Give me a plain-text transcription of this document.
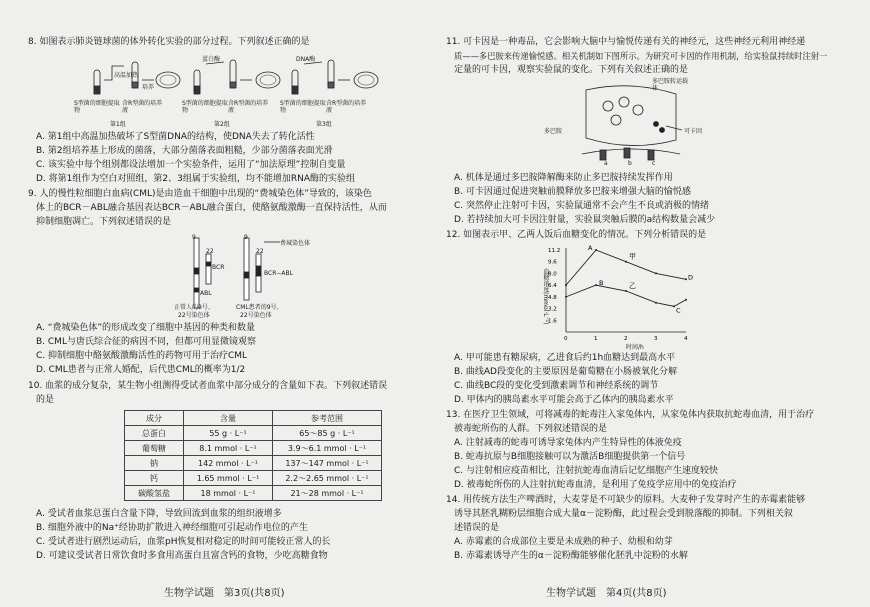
8. 如图表示肺炎链球菌的体外转化实验的部分过程。下列叙述正确的是
高温加热
蛋白酶	DNA酶
培养
S型菌的细胞提取物
含R型菌的培养液
S型菌的细胞提取物
含R型菌的培养液
S型菌的细胞提取物
含R型菌的培养液
第1组	第2组	第3组
A. 第1组中高温加热破坏了S型菌DNA的结构，使DNA失去了转化活性
B. 第2组培养基上形成的菌落，大部分菌落表面粗糙，少部分菌落表面光滑
C. 该实验中每个组别都设法增加一个实验条件，运用了“加法原理”控制自变量
D. 将第1组作为空白对照组，第2、3组属于实验组，均不能增加RNA酶的实验组
9. 人的慢性粒细胞白血病(CML)是由造血干细胞中出现的“费城染色体”导致的，该染色
体上的BCR－ABL融合基因表达BCR－ABL融合蛋白，使酪氨酸激酶一直保持活性，从而
抑制细胞凋亡。下列叙述错误的是
9
22
BCR
ABL
9
22
费城染色体
BCR−ABL
正常人的9号、
22号染色体
CML患者的9号、
22号染色体
A. “费城染色体”的形成改变了细胞中基因的种类和数量
B. CML与唐氏综合征的病因不同，但都可用显微镜观察
C. 抑制细胞中酪氨酸激酶活性的药物可用于治疗CML
D. CML患者与正常人婚配，后代患CML的概率为1/2
10. 血浆的成分复杂，某生物小组测得受试者血浆中部分成分的含量如下表。下列叙述错误
的是
成分	含量	参考范围
总蛋白	55 g · L⁻¹	65～85 g · L⁻¹
葡萄糖	8.1 mmol · L⁻¹	3.9～6.1 mmol · L⁻¹
钠	142 mmol · L⁻¹	137～147 mmol · L⁻¹
钙	1.65 mmol · L⁻¹	2.2～2.65 mmol · L⁻¹
碳酸氢盐	18 mmol · L⁻¹	21～28 mmol · L⁻¹
A. 受试者血浆总蛋白含量下降，导致回流到血浆的组织液增多
B. 细胞外液中的Na⁺经协助扩散进入神经细胞可引起动作电位的产生
C. 受试者进行剧烈运动后，血浆pH恢复相对稳定的时间可能较正常人的长
D. 可建议受试者日常饮食时多食用高蛋白且富含钙的食物，少吃高糖食物
生物学试题　第3页(共8页)
11. 可卡因是一种毒品，它会影响大脑中与愉悦传递有关的神经元，这些神经元利用神经递
质——多巴胺来传递愉悦感。相关机制如下图所示。为研究可卡因的作用机制，给实验鼠持续时注射一
定量的可卡因，观察实验鼠的变化。下列有关叙述正确的是
多巴胺转运载体
多巴胺	可卡因
a	b	c
A. 机体是通过多巴胺降解酶来防止多巴胺持续发挥作用
B. 可卡因通过促进突触前膜释放多巴胺来增强大脑的愉悦感
C. 突然停止注射可卡因，实验鼠通常不会产生不良或消极的情绪
D. 若持续加大可卡因注射量，实验鼠突触后膜的a结构数量会减少
12. 如图表示甲、乙两人饭后血糖变化的情况。下列分析错误的是
甲
乙
A
B
C
D
11.2
9.6
8.0
6.4
4.8
3.2
1.6
0	1	2	3	4
血糖浓度(mmol·L⁻¹)
时间/h
A. 甲可能患有糖尿病，乙进食后约1h血糖达到最高水平
B. 曲线AD段变化的主要原因是葡萄糖在小肠被氧化分解
C. 曲线BC段的变化受到激素调节和神经系统的调节
D. 甲体内的胰岛素水平可能会高于乙体内的胰岛素水平
13. 在医疗卫生领域，可将减毒的蛇毒注入家兔体内，从家兔体内获取抗蛇毒血清，用于治疗
被毒蛇所伤的人群。下列叙述错误的是
A. 注射减毒的蛇毒可诱导家兔体内产生特异性的体液免疫
B. 蛇毒抗原与B细胞接触可以为激活B细胞提供第一个信号
C. 与注射相应疫苗相比，注射抗蛇毒血清后记忆细胞产生速度较快
D. 被毒蛇所伤的人注射抗蛇毒血清，是利用了免疫学应用中的免疫治疗
14. 用传统方法生产啤酒时，大麦芽是不可缺少的原料。大麦种子发芽时产生的赤霉素能够
诱导其胚乳糊粉层细胞合成大量α－淀粉酶，此过程会受到脱落酸的抑制。下列相关叙
述错误的是
A. 赤霉素的合成部位主要是未成熟的种子、幼根和幼芽
B. 赤霉素诱导产生的α－淀粉酶能够催化胚乳中淀粉的水解
生物学试题　第4页(共8页)
